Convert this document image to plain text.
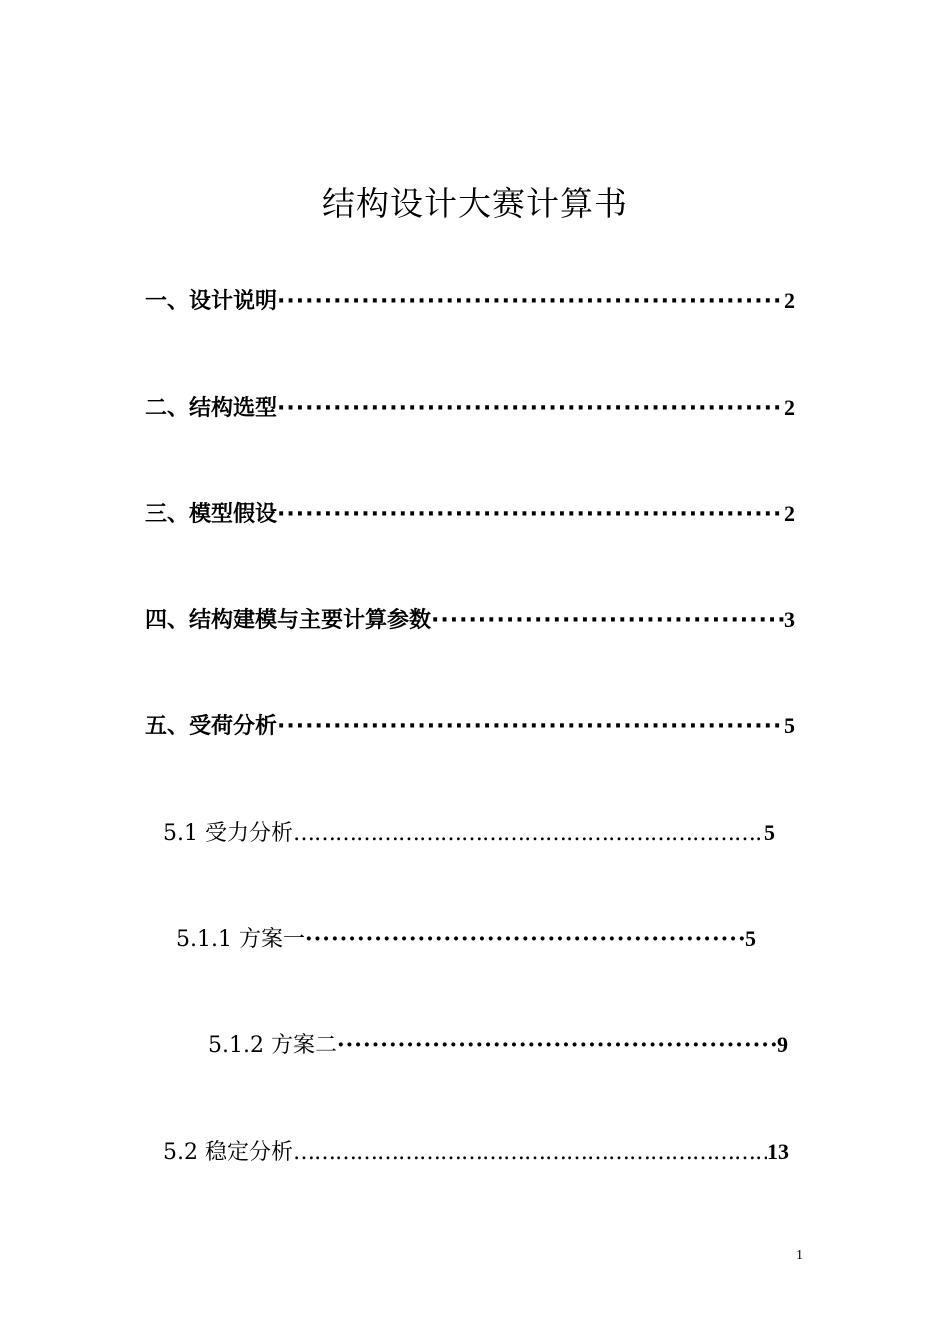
结构设计大赛计算书
一、设计说明 ·····	2
二、结构选型 ·····	2
三、模型假设 ·····	2
四、结构建模与主要计算参数 ·····	3
五、受荷分析 ·····	5
5.1 受力分析 …………………………………………………………………………………………………………………………………………	5
5.1.1 方案一 ·····	5
5.1.2 方案二 ·····	9
5.2 稳定分析 …………………………………………………………………………………………………………………………………………	13
1
